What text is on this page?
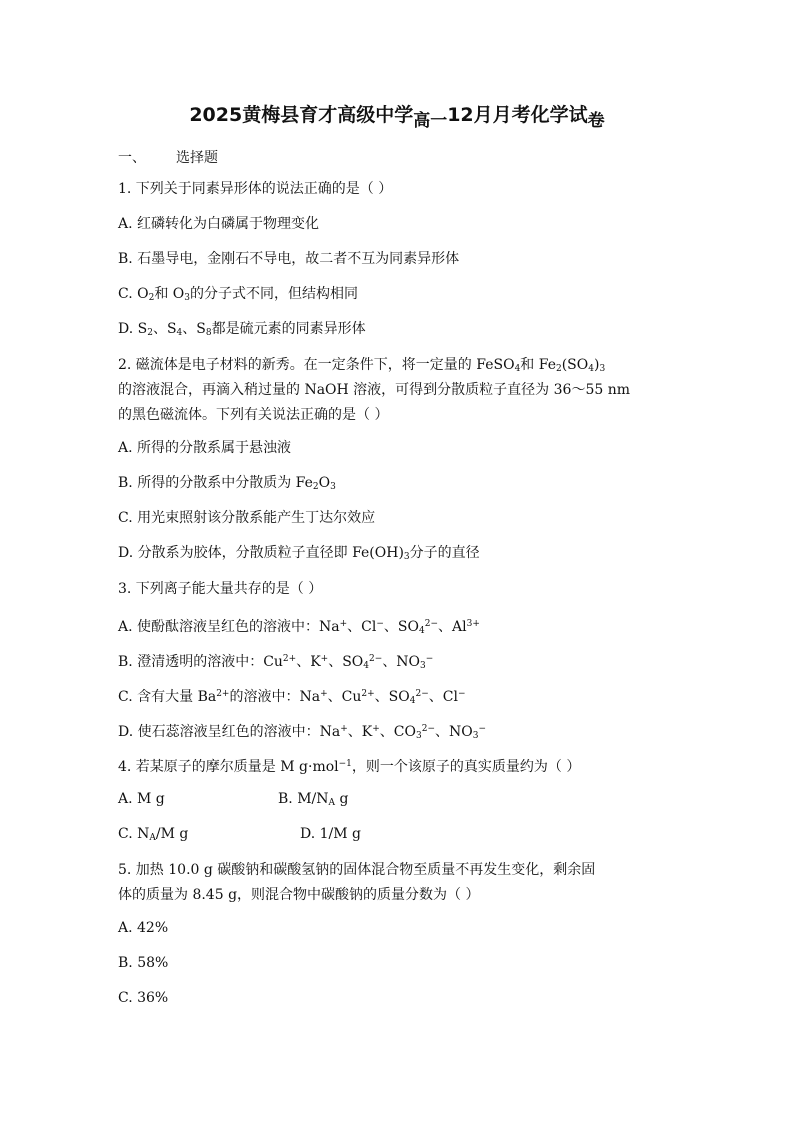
2025黄梅县育才高级中学高一12月月考化学试卷
一、 选择题
1. 下列关于同素异形体的说法正确的是（ ）
A. 红磷转化为白磷属于物理变化
B. 石墨导电，金刚石不导电，故二者不互为同素异形体
C. $O_2$和 $O_3$的分子式不同，但结构相同
D. $S_2$、$S_4$、$S_8$都是硫元素的同素异形体
2. 磁流体是电子材料的新秀。在一定条件下，将一定量的 FeSO$_4$和 $Fe_2(SO_4)_3$
的溶液混合，再滴入稍过量的 NaOH 溶液，可得到分散质粒子直径为 36～55 nm
的黑色磁流体。下列有关说法正确的是（ ）
A. 所得的分散系属于悬浊液
B. 所得的分散系中分散质为 $Fe_2O_3$
C. 用光束照射该分散系能产生丁达尔效应
D. 分散系为胶体，分散质粒子直径即 $Fe(OH)_3$分子的直径
3. 下列离子能大量共存的是（ ）
A. 使酚酞溶液呈红色的溶液中：Na+、Cl−、$SO_4^{2-}$、$Al^{3+}$
B. 澄清透明的溶液中：$Cu^{2+}$、K+、$SO_4^{2-}$、$NO_3^-$
C. 含有大量 $Ba^{2+}$的溶液中：Na+、$Cu^{2+}$、$SO_4^{2-}$、Cl−
D. 使石蕊溶液呈红色的溶液中：Na+、K+、$CO_3^{2-}$、$NO_3^-$
4. 若某原子的摩尔质量是 M g·mol$^{-1}$，则一个该原子的真实质量约为（ ）
A. M g	B. $M/N_A$ g
C. $N_A/M$ g	D. 1/M g
5. 加热 10.0 g 碳酸钠和碳酸氢钠的固体混合物至质量不再发生变化，剩余固
体的质量为 8.45 g，则混合物中碳酸钠的质量分数为（ ）
A. 42%
B. 58%
C. 36%
